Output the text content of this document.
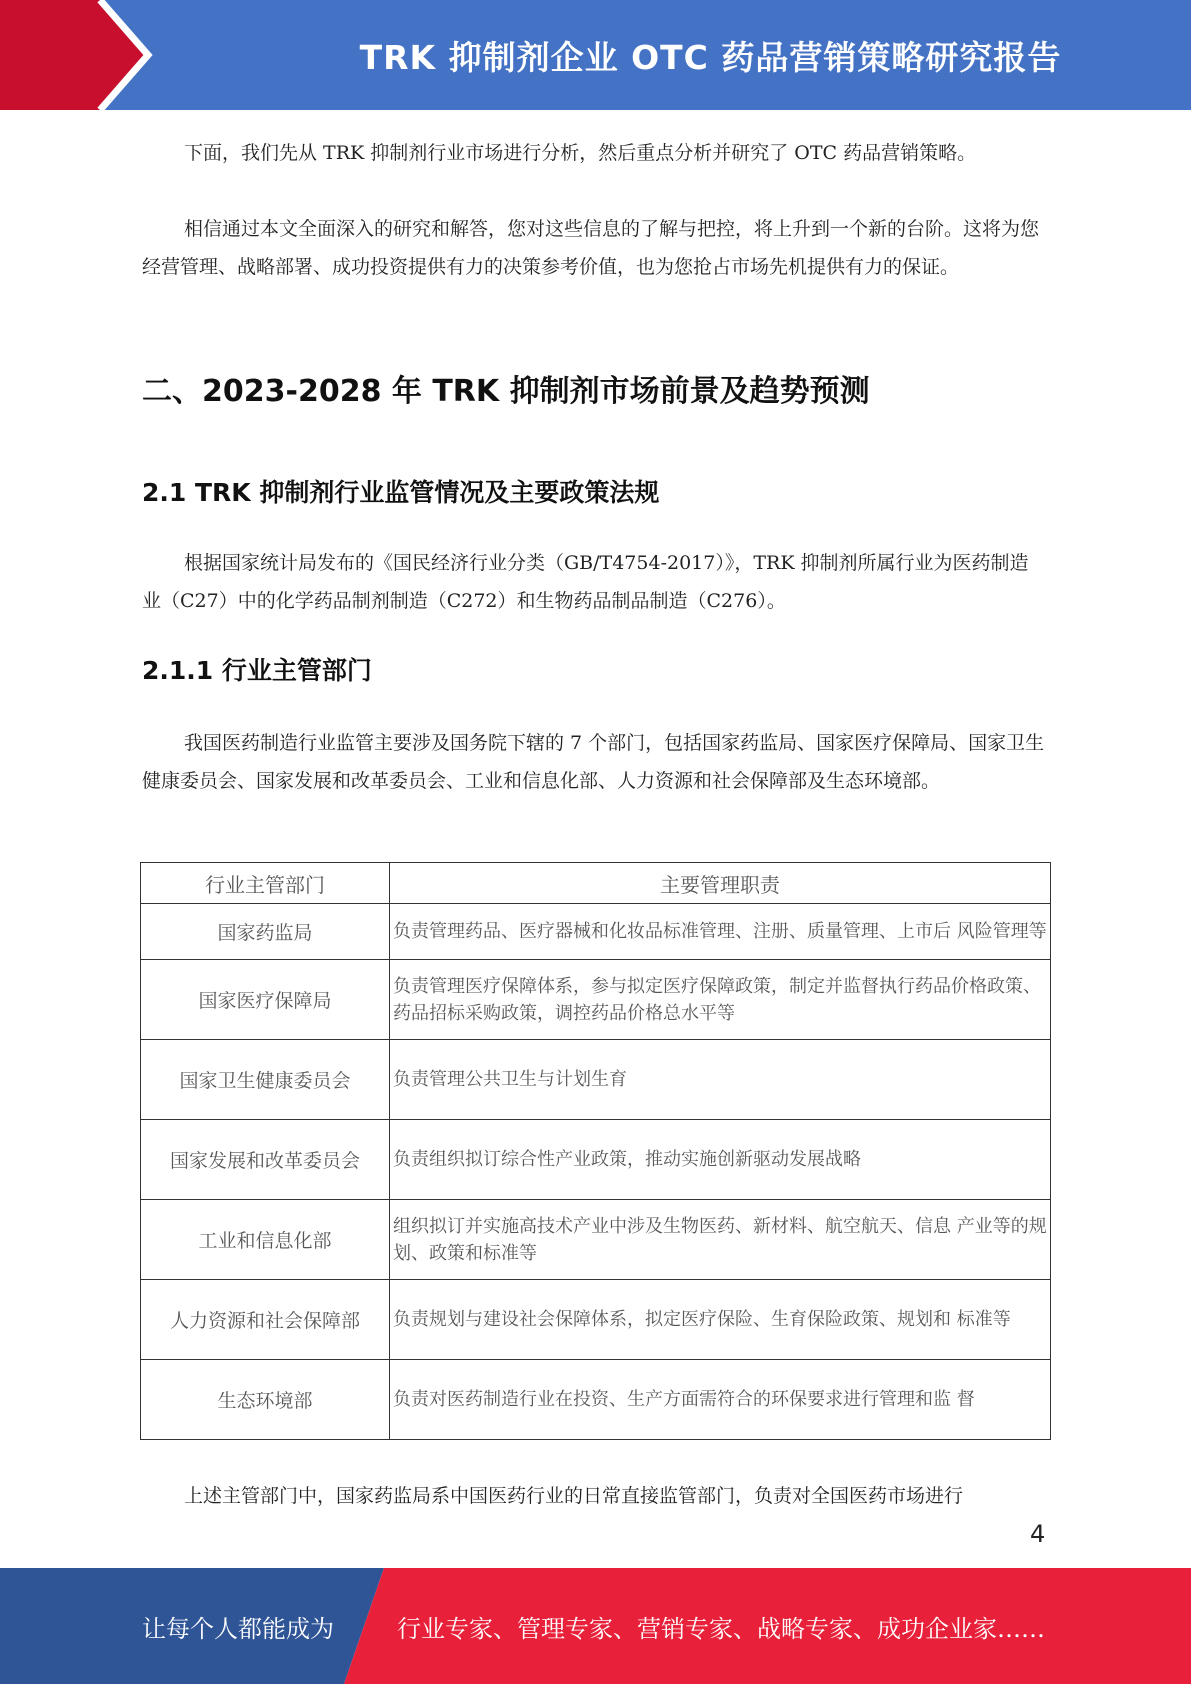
TRK 抑制剂企业 OTC 药品营销策略研究报告

下面，我们先从 TRK 抑制剂行业市场进行分析，然后重点分析并研究了 OTC 药品营销策略。

相信通过本文全面深入的研究和解答，您对这些信息的了解与把控，将上升到一个新的台阶。这将为您经营管理、战略部署、成功投资提供有力的决策参考价值，也为您抢占市场先机提供有力的保证。

二、2023-2028 年 TRK 抑制剂市场前景及趋势预测
2.1 TRK 抑制剂行业监管情况及主要政策法规

根据国家统计局发布的《国民经济行业分类（GB/T4754-2017）》，TRK 抑制剂所属行业为医药制造业（C27）中的化学药品制剂制造（C272）和生物药品制品制造（C276）。

2.1.1 行业主管部门

我国医药制造行业监管主要涉及国务院下辖的 7 个部门，包括国家药监局、国家医疗保障局、国家卫生健康委员会、国家发展和改革委员会、工业和信息化部、人力资源和社会保障部及生态环境部。

行业主管部门	主要管理职责
国家药监局	负责管理药品、医疗器械和化妆品标准管理、注册、质量管理、上市后 风险管理等
国家医疗保障局	负责管理医疗保障体系，参与拟定医疗保障政策，制定并监督执行药品价格政策、药品招标采购政策，调控药品价格总水平等
国家卫生健康委员会	负责管理公共卫生与计划生育
国家发展和改革委员会	负责组织拟订综合性产业政策，推动实施创新驱动发展战略
工业和信息化部	组织拟订并实施高技术产业中涉及生物医药、新材料、航空航天、信息 产业等的规划、政策和标准等
人力资源和社会保障部	负责规划与建设社会保障体系，拟定医疗保险、生育保险政策、规划和 标准等
生态环境部	负责对医药制造行业在投资、生产方面需符合的环保要求进行管理和监 督

上述主管部门中，国家药监局系中国医药行业的日常直接监管部门，负责对全国医药市场进行

4
让每个人都能成为	行业专家、管理专家、营销专家、战略专家、成功企业家……
